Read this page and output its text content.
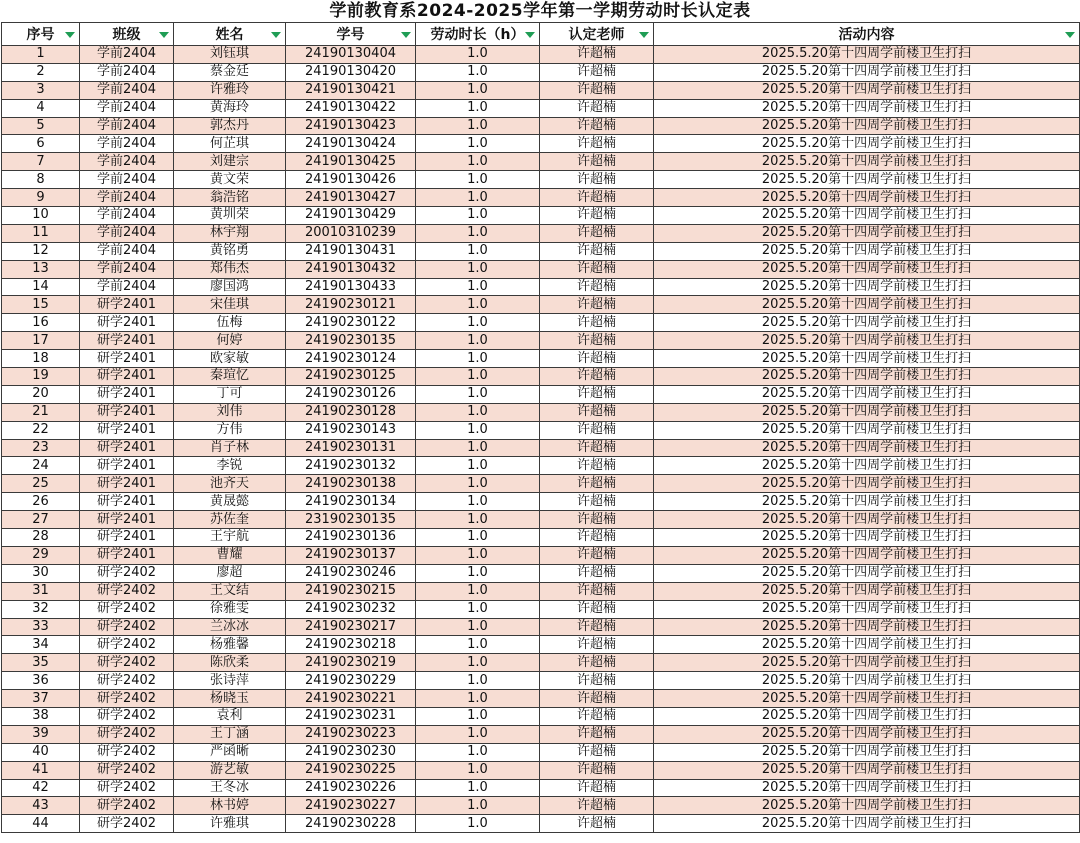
学前教育系2024-2025学年第一学期劳动时长认定表
序号	班级	姓名	学号	劳动时长（h）	认定老师	活动内容

1	学前2404	刘钰琪	24190130404	1.0	许超楠	2025.5.20第十四周学前楼卫生打扫
2	学前2404	蔡金廷	24190130420	1.0	许超楠	2025.5.20第十四周学前楼卫生打扫
3	学前2404	许雅玲	24190130421	1.0	许超楠	2025.5.20第十四周学前楼卫生打扫
4	学前2404	黄海玲	24190130422	1.0	许超楠	2025.5.20第十四周学前楼卫生打扫
5	学前2404	郭杰丹	24190130423	1.0	许超楠	2025.5.20第十四周学前楼卫生打扫
6	学前2404	何芷琪	24190130424	1.0	许超楠	2025.5.20第十四周学前楼卫生打扫
7	学前2404	刘建宗	24190130425	1.0	许超楠	2025.5.20第十四周学前楼卫生打扫
8	学前2404	黄文荣	24190130426	1.0	许超楠	2025.5.20第十四周学前楼卫生打扫
9	学前2404	翁浩铭	24190130427	1.0	许超楠	2025.5.20第十四周学前楼卫生打扫
10	学前2404	黄圳荣	24190130429	1.0	许超楠	2025.5.20第十四周学前楼卫生打扫
11	学前2404	林宇翔	20010310239	1.0	许超楠	2025.5.20第十四周学前楼卫生打扫
12	学前2404	黄铭勇	24190130431	1.0	许超楠	2025.5.20第十四周学前楼卫生打扫
13	学前2404	郑伟杰	24190130432	1.0	许超楠	2025.5.20第十四周学前楼卫生打扫
14	学前2404	廖国鸿	24190130433	1.0	许超楠	2025.5.20第十四周学前楼卫生打扫
15	研学2401	宋佳琪	24190230121	1.0	许超楠	2025.5.20第十四周学前楼卫生打扫
16	研学2401	伍梅	24190230122	1.0	许超楠	2025.5.20第十四周学前楼卫生打扫
17	研学2401	何婷	24190230135	1.0	许超楠	2025.5.20第十四周学前楼卫生打扫
18	研学2401	欧家敏	24190230124	1.0	许超楠	2025.5.20第十四周学前楼卫生打扫
19	研学2401	秦瑄忆	24190230125	1.0	许超楠	2025.5.20第十四周学前楼卫生打扫
20	研学2401	丁可	24190230126	1.0	许超楠	2025.5.20第十四周学前楼卫生打扫
21	研学2401	刘伟	24190230128	1.0	许超楠	2025.5.20第十四周学前楼卫生打扫
22	研学2401	方伟	24190230143	1.0	许超楠	2025.5.20第十四周学前楼卫生打扫
23	研学2401	肖子林	24190230131	1.0	许超楠	2025.5.20第十四周学前楼卫生打扫
24	研学2401	李锐	24190230132	1.0	许超楠	2025.5.20第十四周学前楼卫生打扫
25	研学2401	池齐天	24190230138	1.0	许超楠	2025.5.20第十四周学前楼卫生打扫
26	研学2401	黄晟懿	24190230134	1.0	许超楠	2025.5.20第十四周学前楼卫生打扫
27	研学2401	苏佐奎	23190230135	1.0	许超楠	2025.5.20第十四周学前楼卫生打扫
28	研学2401	王宇航	24190230136	1.0	许超楠	2025.5.20第十四周学前楼卫生打扫
29	研学2401	曹耀	24190230137	1.0	许超楠	2025.5.20第十四周学前楼卫生打扫
30	研学2402	廖超	24190230246	1.0	许超楠	2025.5.20第十四周学前楼卫生打扫
31	研学2402	王文结	24190230215	1.0	许超楠	2025.5.20第十四周学前楼卫生打扫
32	研学2402	徐雅雯	24190230232	1.0	许超楠	2025.5.20第十四周学前楼卫生打扫
33	研学2402	兰冰冰	24190230217	1.0	许超楠	2025.5.20第十四周学前楼卫生打扫
34	研学2402	杨雅馨	24190230218	1.0	许超楠	2025.5.20第十四周学前楼卫生打扫
35	研学2402	陈欣柔	24190230219	1.0	许超楠	2025.5.20第十四周学前楼卫生打扫
36	研学2402	张诗萍	24190230229	1.0	许超楠	2025.5.20第十四周学前楼卫生打扫
37	研学2402	杨晓玉	24190230221	1.0	许超楠	2025.5.20第十四周学前楼卫生打扫
38	研学2402	袁利	24190230231	1.0	许超楠	2025.5.20第十四周学前楼卫生打扫
39	研学2402	王丁涵	24190230223	1.0	许超楠	2025.5.20第十四周学前楼卫生打扫
40	研学2402	严函晰	24190230230	1.0	许超楠	2025.5.20第十四周学前楼卫生打扫
41	研学2402	游艺敏	24190230225	1.0	许超楠	2025.5.20第十四周学前楼卫生打扫
42	研学2402	王冬冰	24190230226	1.0	许超楠	2025.5.20第十四周学前楼卫生打扫
43	研学2402	林书婷	24190230227	1.0	许超楠	2025.5.20第十四周学前楼卫生打扫
44	研学2402	许雅琪	24190230228	1.0	许超楠	2025.5.20第十四周学前楼卫生打扫
